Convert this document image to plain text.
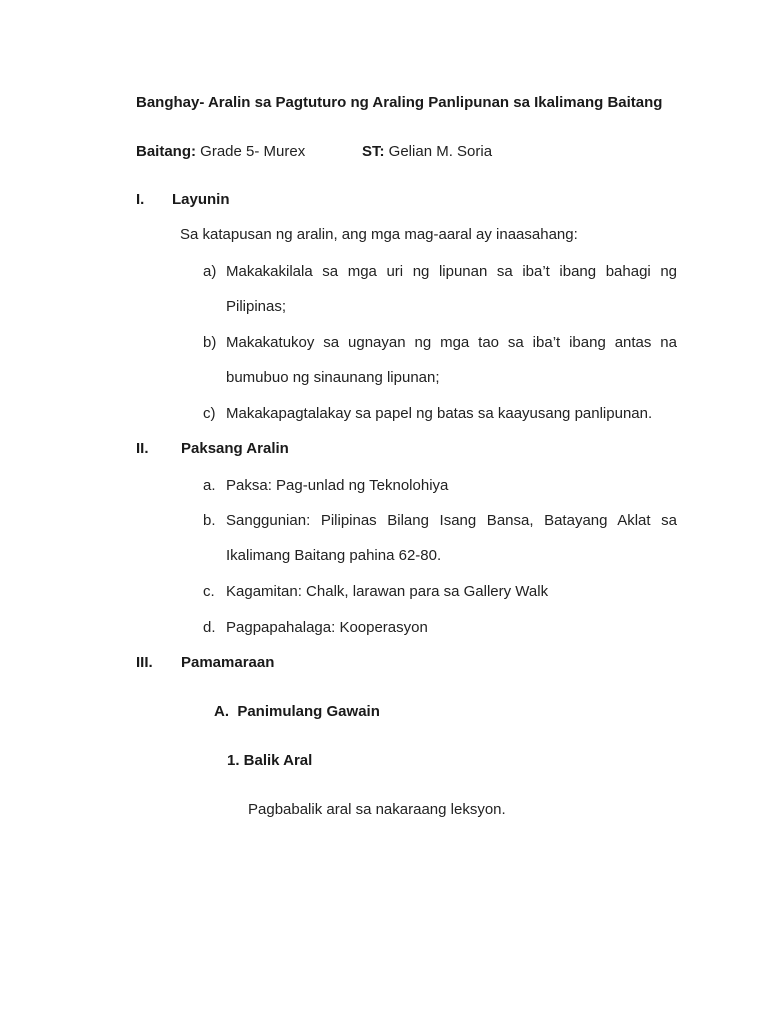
Banghay- Aralin sa Pagtuturo ng Araling Panlipunan sa Ikalimang Baitang
Baitang: Grade 5- Murex	ST: Gelian M. Soria
I. Layunin
Sa katapusan ng aralin, ang mga mag-aaral ay inaasahang:
a) Makakakilala sa mga uri ng lipunan sa iba’t ibang bahagi ng
Pilipinas;
b) Makakatukoy sa ugnayan ng mga tao sa iba’t ibang antas na
bumubuo ng sinaunang lipunan;
c) Makakapagtalakay sa papel ng batas sa kaayusang panlipunan.
II. Paksang Aralin
a. Paksa: Pag-unlad ng Teknolohiya
b. Sanggunian: Pilipinas Bilang Isang Bansa, Batayang Aklat sa
Ikalimang Baitang pahina 62-80.
c. Kagamitan: Chalk, larawan para sa Gallery Walk
d. Pagpapahalaga: Kooperasyon
III. Pamamaraan
A.  Panimulang Gawain
1. Balik Aral
Pagbabalik aral sa nakaraang leksyon.
